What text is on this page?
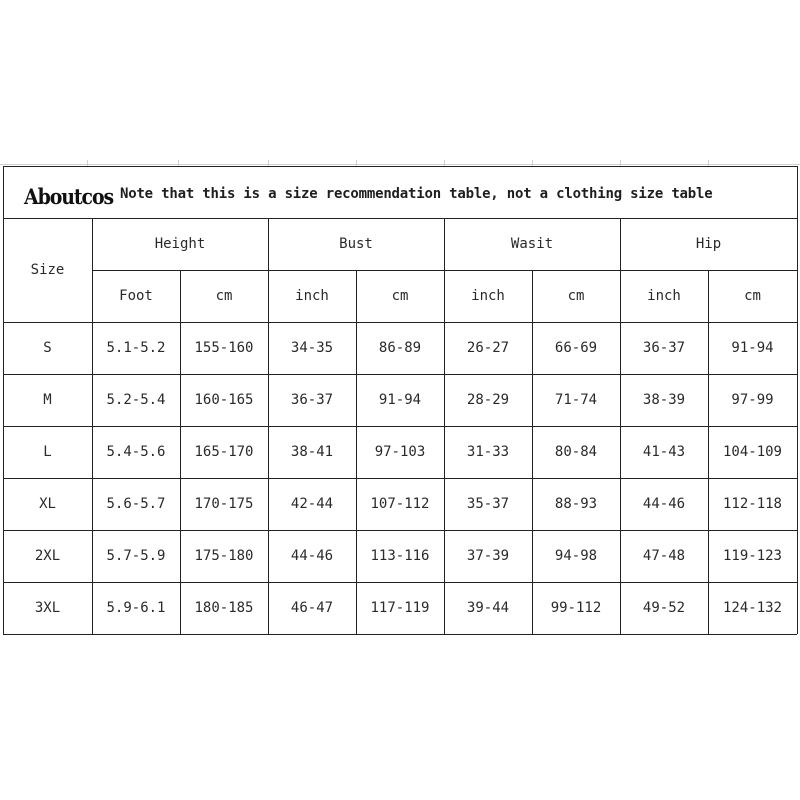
Note that this is a size recommendation table, not a clothing size table
Aboutcos
Size
Height	Bust	Wasit	Hip
Foot	cm	inch	cm	inch	cm	inch	cm
S	5.1-5.2	155-160	34-35	86-89	26-27	66-69	36-37	91-94
M	5.2-5.4	160-165	36-37	91-94	28-29	71-74	38-39	97-99
L	5.4-5.6	165-170	38-41	97-103	31-33	80-84	41-43	104-109
XL	5.6-5.7	170-175	42-44	107-112	35-37	88-93	44-46	112-118
2XL	5.7-5.9	175-180	44-46	113-116	37-39	94-98	47-48	119-123
3XL	5.9-6.1	180-185	46-47	117-119	39-44	99-112	49-52	124-132
